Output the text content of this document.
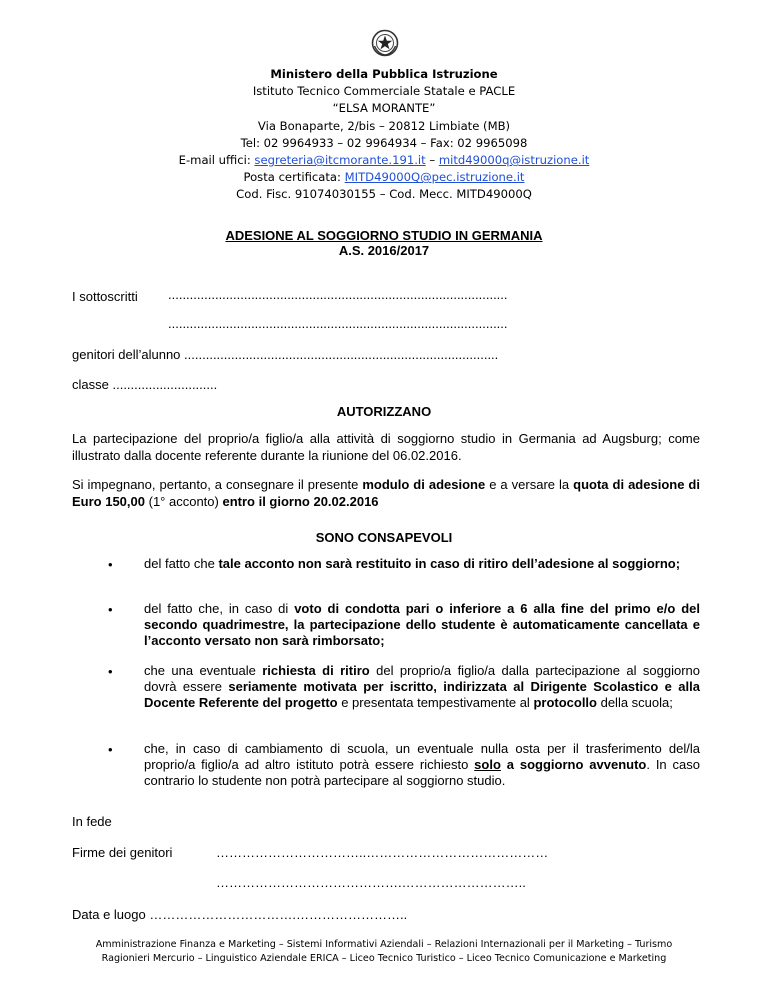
Ministero della Pubblica Istruzione
Istituto Tecnico Commerciale Statale e PACLE
“ELSA MORANTE”
Via Bonaparte, 2/bis – 20812 Limbiate (MB)
Tel: 02 9964933 – 02 9964934 – Fax: 02 9965098
E-mail uffici: segreteria@itcmorante.191.it – mitd49000q@istruzione.it
Posta certificata: MITD49000Q@pec.istruzione.it
Cod. Fisc. 91074030155 – Cod. Mecc. MITD49000Q
ADESIONE AL SOGGIORNO STUDIO IN GERMANIA
A.S. 2016/2017
I sottoscritti ..............................................................................................
..............................................................................................
genitori dell’alunno .......................................................................................
classe .............................
AUTORIZZANO
La partecipazione del proprio/a figlio/a alla attività di soggiorno studio in Germania ad Augsburg; come illustrato dalla docente referente durante la riunione del 06.02.2016.
Si impegnano, pertanto, a consegnare il presente modulo di adesione e a versare la quota di adesione di Euro 150,00 (1° acconto) entro il giorno 20.02.2016
SONO CONSAPEVOLI
• del fatto che tale acconto non sarà restituito in caso di ritiro dell’adesione al soggiorno;
• del fatto che, in caso di voto di condotta pari o inferiore a 6 alla fine del primo e/o del secondo quadrimestre, la partecipazione dello studente è automaticamente cancellata e l’acconto versato non sarà rimborsato;
• che una eventuale richiesta di ritiro del proprio/a figlio/a dalla partecipazione al soggiorno dovrà essere seriamente motivata per iscritto, indirizzata al Dirigente Scolastico e alla Docente Referente del progetto e presentata tempestivamente al protocollo della scuola;
• che, in caso di cambiamento di scuola, un eventuale nulla osta per il trasferimento del/la proprio/a figlio/a ad altro istituto potrà essere richiesto solo a soggiorno avvenuto. In caso contrario lo studente non potrà partecipare al soggiorno studio.
In fede
Firme dei genitori	……………………………..……………………………………
…………………………………….………………………..
Data e luogo …………………………….……………………..
Amministrazione Finanza e Marketing – Sistemi Informativi Aziendali – Relazioni Internazionali per il Marketing – Turismo
Ragionieri Mercurio – Linguistico Aziendale ERICA – Liceo Tecnico Turistico – Liceo Tecnico Comunicazione e Marketing
